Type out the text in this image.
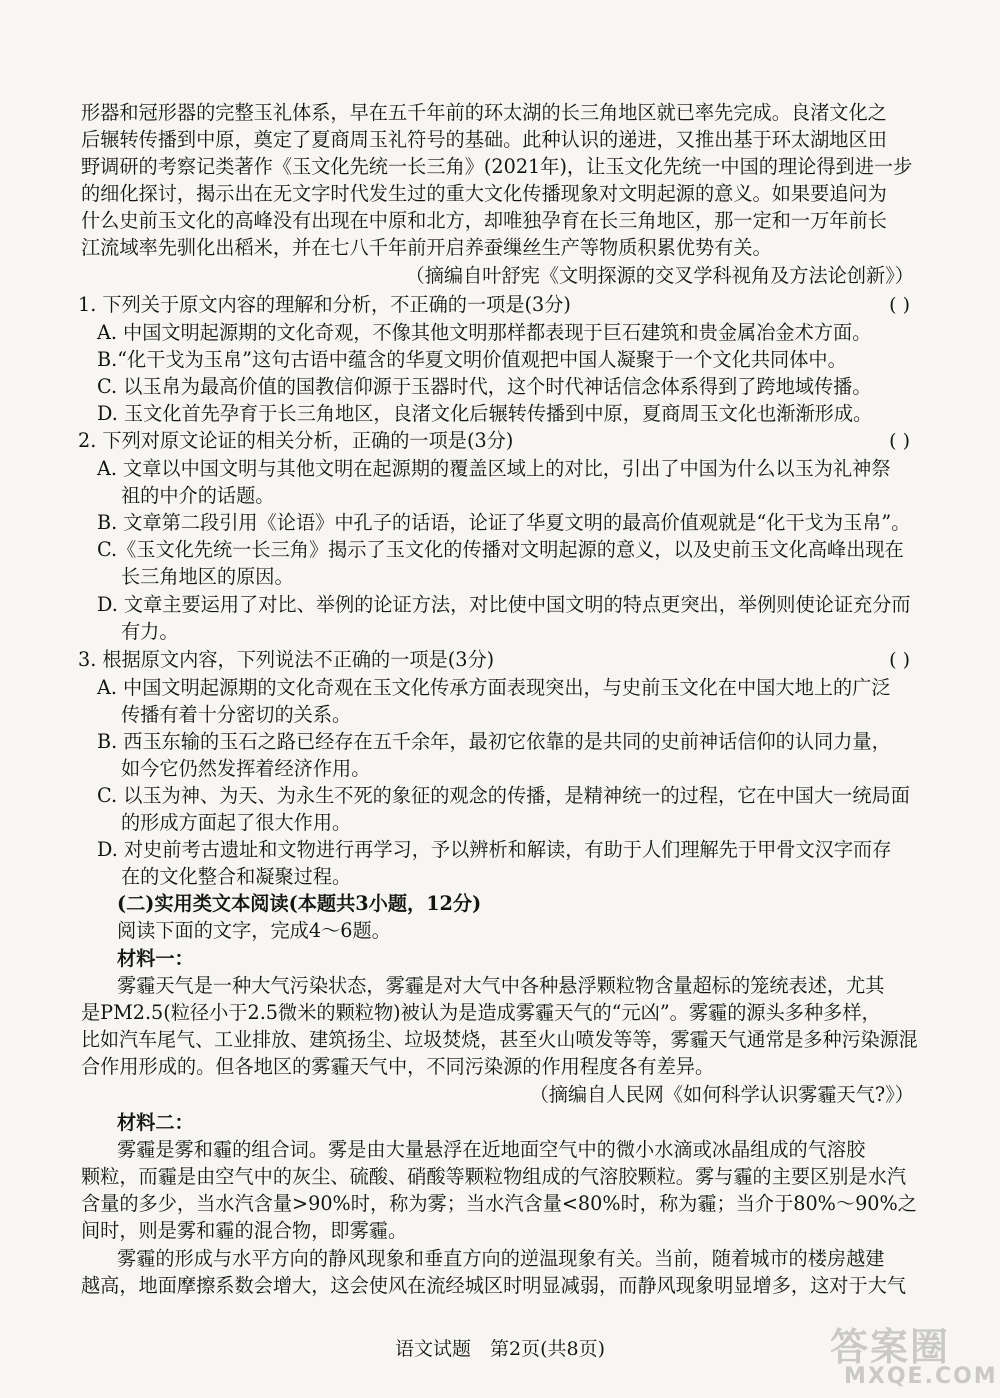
形器和冠形器的完整玉礼体系，早在五千年前的环太湖的长三角地区就已率先完成。良渚文化之
后辗转传播到中原，奠定了夏商周玉礼符号的基础。此种认识的递进，又推出基于环太湖地区田
野调研的考察记类著作《玉文化先统一长三角》(2021年)，让玉文化先统一中国的理论得到进一步
的细化探讨，揭示出在无文字时代发生过的重大文化传播现象对文明起源的意义。如果要追问为
什么史前玉文化的高峰没有出现在中原和北方，却唯独孕育在长三角地区，那一定和一万年前长
江流域率先驯化出稻米，并在七八千年前开启养蚕缫丝生产等物质积累优势有关。
（摘编自叶舒宪《文明探源的交叉学科视角及方法论创新》）
1. 下列关于原文内容的理解和分析，不正确的一项是(3分)	( )
A. 中国文明起源期的文化奇观，不像其他文明那样都表现于巨石建筑和贵金属冶金术方面。
B.“化干戈为玉帛”这句古语中蕴含的华夏文明价值观把中国人凝聚于一个文化共同体中。
C. 以玉帛为最高价值的国教信仰源于玉器时代，这个时代神话信念体系得到了跨地域传播。
D. 玉文化首先孕育于长三角地区，良渚文化后辗转传播到中原，夏商周玉文化也渐渐形成。
2. 下列对原文论证的相关分析，正确的一项是(3分)	( )
A. 文章以中国文明与其他文明在起源期的覆盖区域上的对比，引出了中国为什么以玉为礼神祭
祖的中介的话题。
B. 文章第二段引用《论语》中孔子的话语，论证了华夏文明的最高价值观就是“化干戈为玉帛”。
C.《玉文化先统一长三角》揭示了玉文化的传播对文明起源的意义，以及史前玉文化高峰出现在
长三角地区的原因。
D. 文章主要运用了对比、举例的论证方法，对比使中国文明的特点更突出，举例则使论证充分而
有力。
3. 根据原文内容，下列说法不正确的一项是(3分)	( )
A. 中国文明起源期的文化奇观在玉文化传承方面表现突出，与史前玉文化在中国大地上的广泛
传播有着十分密切的关系。
B. 西玉东输的玉石之路已经存在五千余年，最初它依靠的是共同的史前神话信仰的认同力量，
如今它仍然发挥着经济作用。
C. 以玉为神、为天、为永生不死的象征的观念的传播，是精神统一的过程，它在中国大一统局面
的形成方面起了很大作用。
D. 对史前考古遗址和文物进行再学习，予以辨析和解读，有助于人们理解先于甲骨文汉字而存
在的文化整合和凝聚过程。
(二)实用类文本阅读(本题共3小题，12分)
阅读下面的文字，完成4～6题。
材料一：
雾霾天气是一种大气污染状态，雾霾是对大气中各种悬浮颗粒物含量超标的笼统表述，尤其
是PM2.5(粒径小于2.5微米的颗粒物)被认为是造成雾霾天气的“元凶”。雾霾的源头多种多样，
比如汽车尾气、工业排放、建筑扬尘、垃圾焚烧，甚至火山喷发等等，雾霾天气通常是多种污染源混
合作用形成的。但各地区的雾霾天气中，不同污染源的作用程度各有差异。
（摘编自人民网《如何科学认识雾霾天气?》）
材料二：
雾霾是雾和霾的组合词。雾是由大量悬浮在近地面空气中的微小水滴或冰晶组成的气溶胶
颗粒，而霾是由空气中的灰尘、硫酸、硝酸等颗粒物组成的气溶胶颗粒。雾与霾的主要区别是水汽
含量的多少，当水汽含量>90%时，称为雾；当水汽含量<80%时，称为霾；当介于80%～90%之
间时，则是雾和霾的混合物，即雾霾。
雾霾的形成与水平方向的静风现象和垂直方向的逆温现象有关。当前，随着城市的楼房越建
越高，地面摩擦系数会增大，这会使风在流经城区时明显减弱，而静风现象明显增多，这对于大气
语文试题　第2页(共8页)	答案圈
MXQE.COM
